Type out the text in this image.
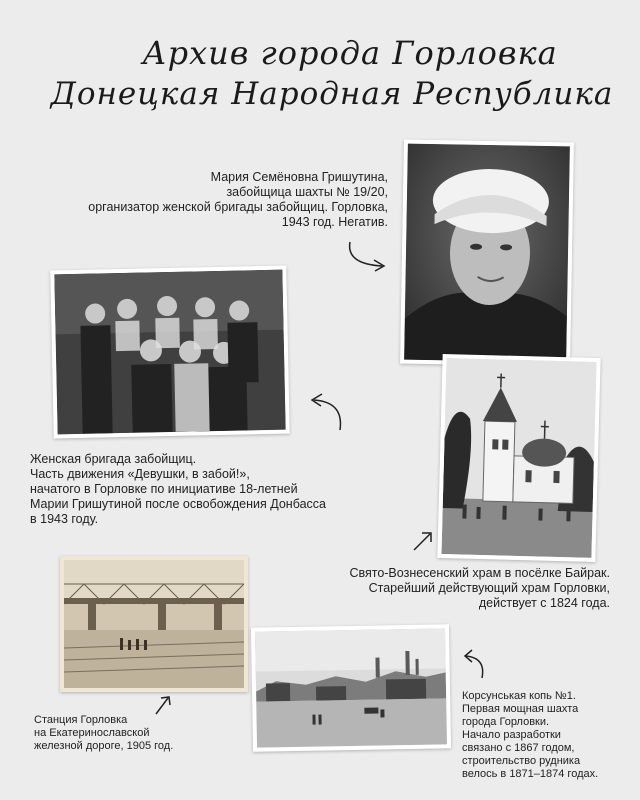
Архив города Горловка
Донецкая Народная Республика
Мария Семёновна Гришутина,
забойщица шахты № 19/20,
организатор женской бригады забойщиц. Горловка,
1943 год. Негатив.
Женская бригада забойщиц.
Часть движения «Девушки, в забой!»,
начатого в Горловке по инициативе 18-летней
Марии Гришутиной после освобождения Донбасса
в 1943 году.
Свято-Вознесенский храм в посёлке Байрак.
Старейший действующий храм Горловки,
действует с 1824 года.
Станция Горловка
на Екатеринославской
железной дороге, 1905 год.
Корсунськая копь №1.
Первая мощная шахта
города Горловки.
Начало разработки
связано с 1867 годом,
строительство рудника
велось в 1871–1874 годах.
